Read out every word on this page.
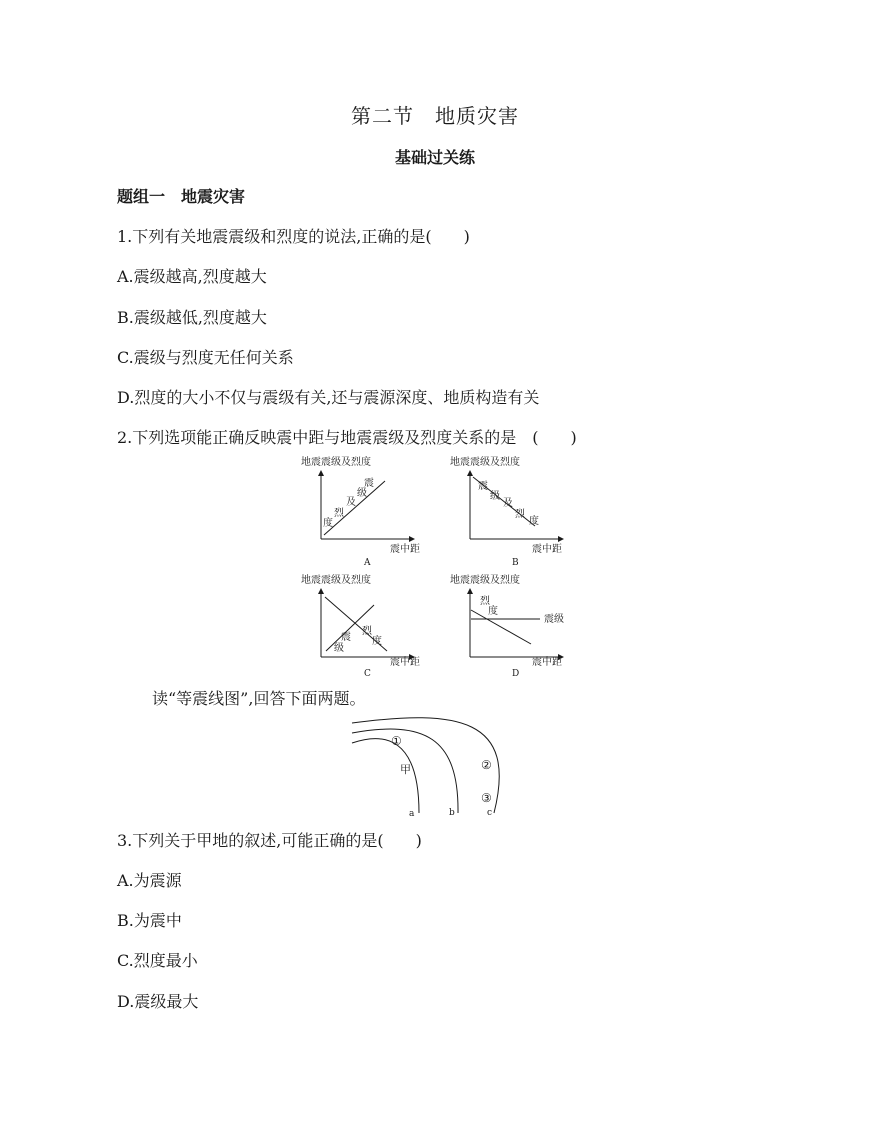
第二节　地质灾害
基础过关练
题组一　地震灾害
1.下列有关地震震级和烈度的说法,正确的是(　　)
A.震级越高,烈度越大
B.震级越低,烈度越大
C.震级与烈度无任何关系
D.烈度的大小不仅与震级有关,还与震源深度、地质构造有关
2.下列选项能正确反映震中距与地震震级及烈度关系的是　(　　)
地震震级及烈度
震
级
及
烈
度
震中距
A
地震震级及烈度
震
级
及
烈
度
震中距
B
地震震级及烈度
烈
度
震
级
震中距
C
地震震级及烈度
烈
度
震级
震中距
D
读“等震线图”,回答下面两题。
甲
①
②
③
a	b	c
3.下列关于甲地的叙述,可能正确的是(　　)
A.为震源
B.为震中
C.烈度最小
D.震级最大
